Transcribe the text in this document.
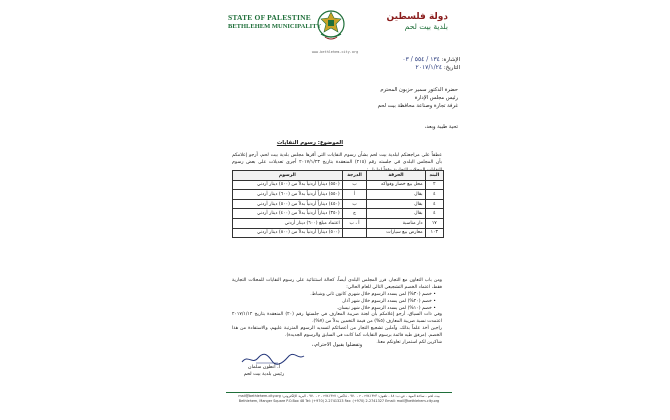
STATE OF PALESTINE
BETHLEHEM MUNICIPALITY
www.bethlehem-city.org
دولة فلسطين
بلدية بيت لحم
الإشارة: ١٣٤ / ٥٥٤ / ٠٣
التاريخ: ٢٠١٧/١/٢٤
حضرة الدكتور سمير حزبون المحترم
رئيس مجلس الإدارة
غرفة تجارة وصناعة محافظة بيت لحم
تحية طيبة وبعد،
الموضوع: رسوم النفايات
عطفاً على مراجعتكم لبلدية بيت لحم بشأن رسوم النفايات التي أقرها مجلس بلدية بيت لحم، أرجو إعلامكم بأن المجلس البلدي في جلسته رقم (٢١٥) المنعقدة بتاريخ ٢٠١٧/١/٢٣ أجرى تعديلات على بعض رسوم
البند	الحرفة	الدرجة	الرسوم
٢	محل بيع خضار وفواكه	ب	(٥٥٠) ديناراً أردنياً بدلاً من (٥٠٠) دينار أردني
٤	بقال	أ	(٥٥٠) ديناراً أردنياً بدلاً من (٦٠٠) دينار أردني
٤	بقال	ب	(٤٥٠) ديناراً أردنياً بدلاً من (٥٠٠) دينار أردني
٤	بقال	ج	(٣٥٠) ديناراً أردنياً بدلاً من (٤٠٠) دينار أردني
١٧	دار مناسبة	أ ، ب	اعتماد مبلغ (٦٠٠) دينار أردني
١٠٣	معارض بيع سيارات		(٥٠٠) ديناراً أردنياً بدلاً من (٨٠٠) دينار أردني
ومن باب التعاون مع التجار، قرر المجلس البلدي أيضاً، كحالة استثنائية على رسوم النفايات للمحلات التجارية فقط، اعتماد الخصم التشجيعي التالي للعام الحالي:
• خصم (٣٠%) لمن يسدد الرسوم خلال شهري كانون ثاني وشباط.
• خصم (٢٠%) لمن يسدد الرسوم خلال شهر آذار.
• خصم (١٠%) لمن يسدد الرسوم خلال شهر نيسان.
وفي ذات السياق، أرجو إعلامكم بأن لجنة ضريبة المعارف في جلستها رقم (٢٠) المنعقدة بتاريخ ٢٠١٧/١/١٢ اعتمدت نسبة ضريبة المعارف (٥%) من قيمة التخمين بدلاً من (٧%).
راجين أخذ علماً بذلك، وآملين تشجيع التجار من أعضائكم لتسديد الرسوم المترتبة عليهم، والاستفادة من هذا الخصم. (مرفق طيه قائمة برسوم النفايات كما كانت في السابق والرسوم الجديدة).
شاكرين لكم استمرار تعاونكم معنا.
وتفضلوا بقبول الاحترام،،
أ. أنطون سلمان
رئيس بلدية بيت لحم
بيت لحم - ساحة المهد - ص.ب: ٤٨ - تلفون: ٢٧٤١٣٢٣ - ٢ - ٩٧٠ - فاكس: ٢٧٤١٣٢٧ - ٢ - ٩٧٠ - البريد الإلكتروني: mail@bethlehem-city.org
Bethlehem, Manger Square P.O.Box 48 Tel: (+970) 2-2741323 Fax: (+970) 2-2741327 Email: mail@bethlehem-city.org
